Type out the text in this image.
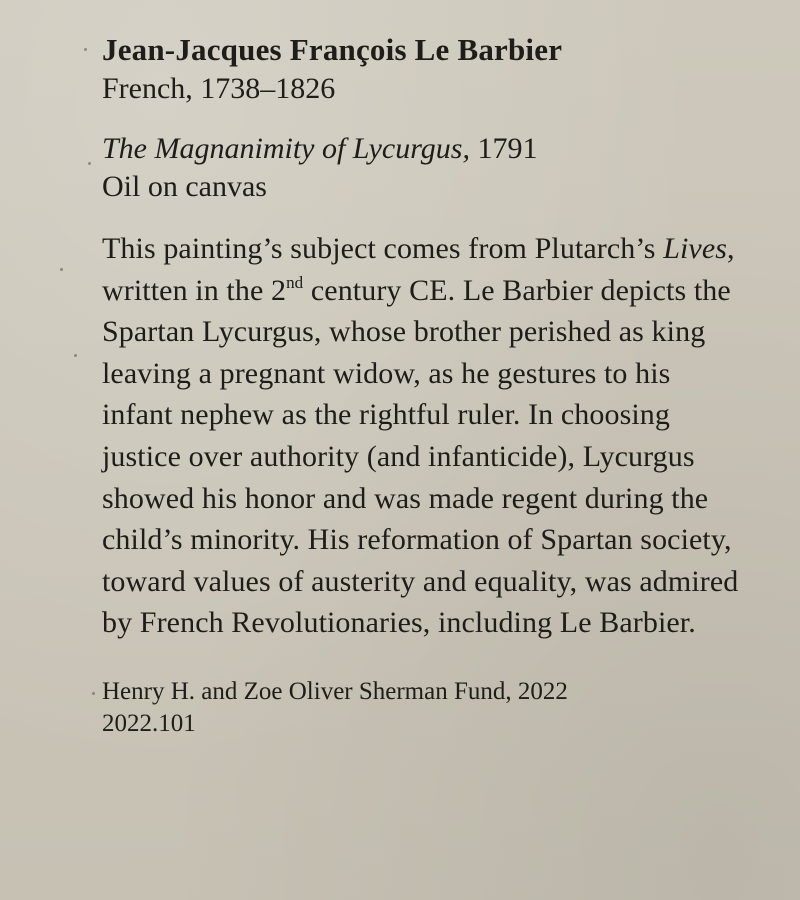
Jean-Jacques François Le Barbier

French, 1738–1826

The Magnanimity of Lycurgus, 1791

Oil on canvas

This painting’s subject comes from Plutarch’s Lives, written in the 2nd century CE. Le Barbier depicts the Spartan Lycurgus, whose brother perished as king leaving a pregnant widow, as he gestures to his infant nephew as the rightful ruler. In choosing justice over authority (and infanticide), Lycurgus showed his honor and was made regent during the child’s minority. His reformation of Spartan society, toward values of austerity and equality, was admired by French Revolutionaries, including Le Barbier.

Henry H. and Zoe Oliver Sherman Fund, 2022

2022.101
